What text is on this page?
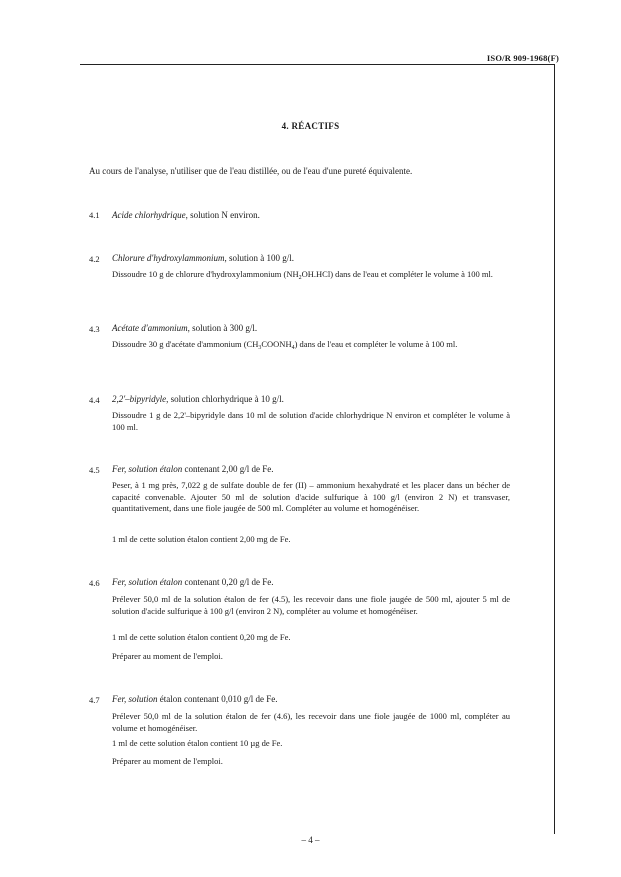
ISO/R 909-1968(F)
4. RÉACTIFS
Au cours de l'analyse, n'utiliser que de l'eau distillée, ou de l'eau d'une pureté équivalente.
4.1 Acide chlorhydrique, solution N environ.
4.2 Chlorure d'hydroxylammonium, solution à 100 g/l.
Dissoudre 10 g de chlorure d'hydroxylammonium $(NH_2OH.HCl)$ dans de l'eau et compléter le volume à 100 ml.
4.3 Acétate d'ammonium, solution à 300 g/l.
Dissoudre 30 g d'acétate d'ammonium $(CH_3COONH_4)$ dans de l'eau et compléter le volume à 100 ml.
4.4 2,2'–bipyridyle, solution chlorhydrique à 10 g/l.
Dissoudre 1 g de 2,2'–bipyridyle dans 10 ml de solution d'acide chlorhydrique N environ et compléter le volume à 100 ml.
4.5 Fer, solution étalon contenant 2,00 g/l de Fe.
Peser, à 1 mg près, 7,022 g de sulfate double de fer (II) – ammonium hexahydraté et les placer dans un bécher de capacité convenable. Ajouter 50 ml de solution d'acide sulfurique à 100 g/l (environ 2 N) et transvaser, quantitativement, dans une fiole jaugée de 500 ml. Compléter au volume et homogénéiser.
1 ml de cette solution étalon contient 2,00 mg de Fe.
4.6 Fer, solution étalon contenant 0,20 g/l de Fe.
Prélever 50,0 ml de la solution étalon de fer (4.5), les recevoir dans une fiole jaugée de 500 ml, ajouter 5 ml de solution d'acide sulfurique à 100 g/l (environ 2 N), compléter au volume et homogénéiser.
1 ml de cette solution étalon contient 0,20 mg de Fe.
Préparer au moment de l'emploi.
4.7 Fer, solution étalon contenant 0,010 g/l de Fe.
Prélever 50,0 ml de la solution étalon de fer (4.6), les recevoir dans une fiole jaugée de 1000 ml, compléter au volume et homogénéiser.
1 ml de cette solution étalon contient 10 µg de Fe.
Préparer au moment de l'emploi.
– 4 –
